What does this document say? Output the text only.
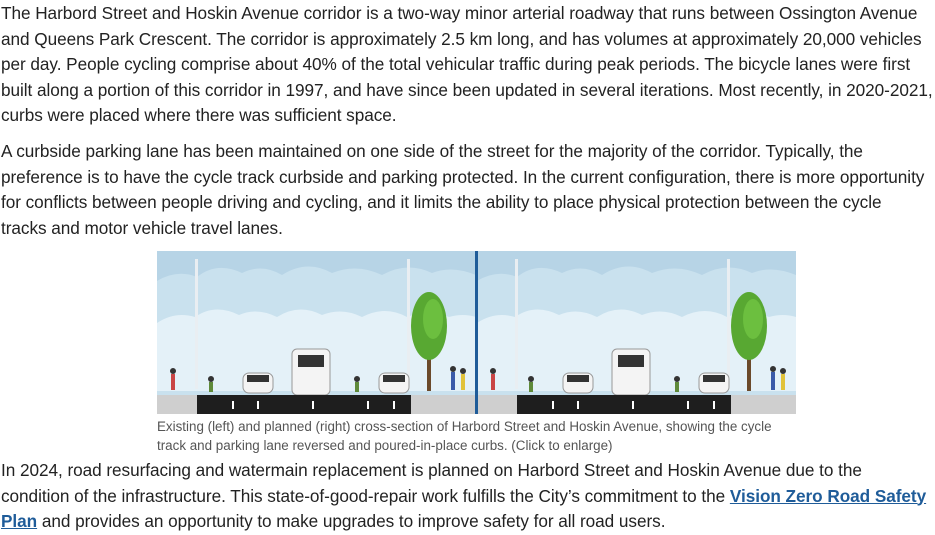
The Harbord Street and Hoskin Avenue corridor is a two-way minor arterial roadway that runs between Ossington Avenue and Queens Park Crescent. The corridor is approximately 2.5 km long, and has volumes at approximately 20,000 vehicles per day. People cycling comprise about 40% of the total vehicular traffic during peak periods. The bicycle lanes were first built along a portion of this corridor in 1997, and have since been updated in several iterations. Most recently, in 2020-2021, curbs were placed where there was sufficient space.

A curbside parking lane has been maintained on one side of the street for the majority of the corridor. Typically, the preference is to have the cycle track curbside and parking protected. In the current configuration, there is more opportunity for conflicts between people driving and cycling, and it limits the ability to place physical protection between the cycle tracks and motor vehicle travel lanes.

Existing (left) and planned (right) cross-section of Harbord Street and Hoskin Avenue, showing the cycle track and parking lane reversed and poured-in-place curbs. (Click to enlarge)

In 2024, road resurfacing and watermain replacement is planned on Harbord Street and Hoskin Avenue due to the condition of the infrastructure. This state-of-good-repair work fulfills the City’s commitment to the Vision Zero Road Safety Plan and provides an opportunity to make upgrades to improve safety for all road users.
